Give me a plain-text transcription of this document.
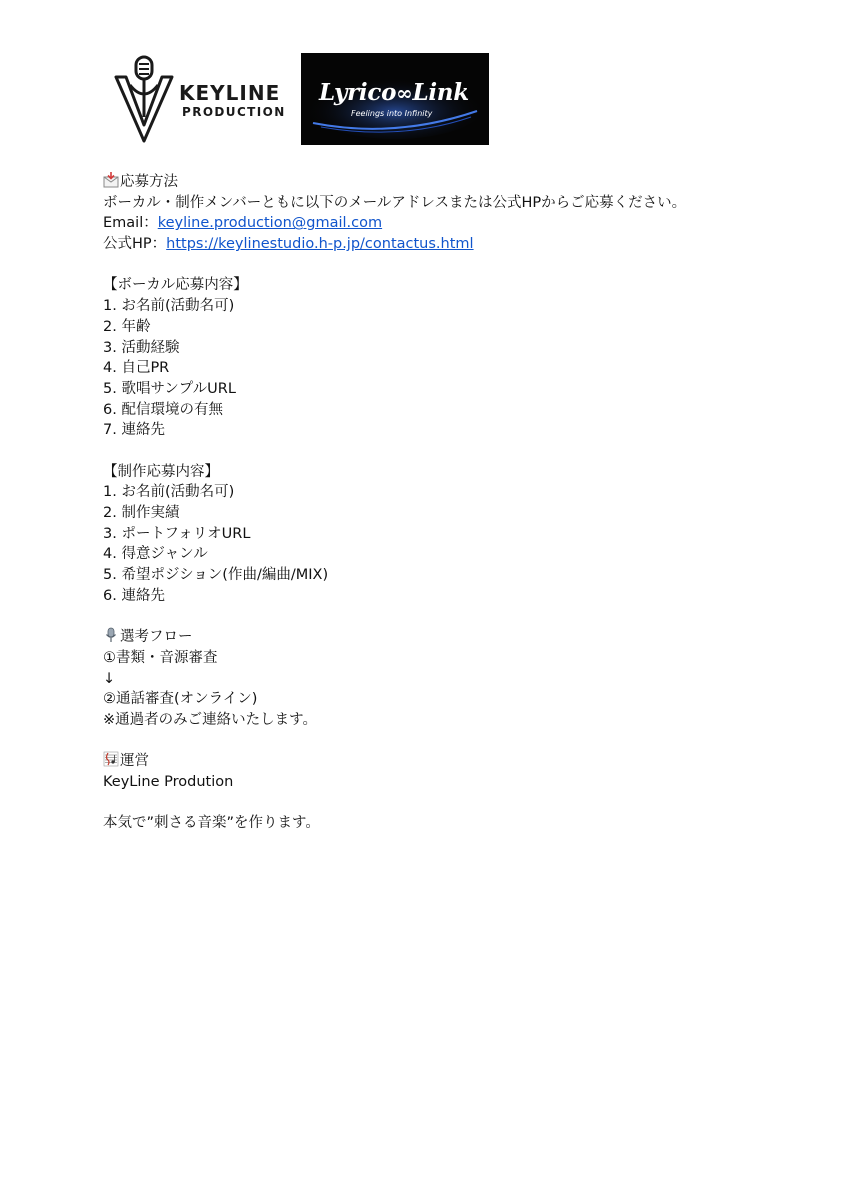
KEYLINE
PRODUCTION
Lyrico∞Link
Feelings into Infinity
応募方法
ボーカル・制作メンバーともに以下のメールアドレスまたは公式HPからご応募ください。
Email：keyline.production@gmail.com
公式HP：https://keylinestudio.h-p.jp/contactus.html
【ボーカル応募内容】
1. お名前(活動名可)
2. 年齢
3. 活動経験
4. 自己PR
5. 歌唱サンプルURL
6. 配信環境の有無
7. 連絡先
【制作応募内容】
1. お名前(活動名可)
2. 制作実績
3. ポートフォリオURL
4. 得意ジャンル
5. 希望ポジション(作曲/編曲/MIX)
6. 連絡先
選考フロー
①書類・音源審査
↓
②通話審査(オンライン)
※通過者のみご連絡いたします。
運営
KeyLine Prodution
本気で”刺さる音楽”を作ります。
